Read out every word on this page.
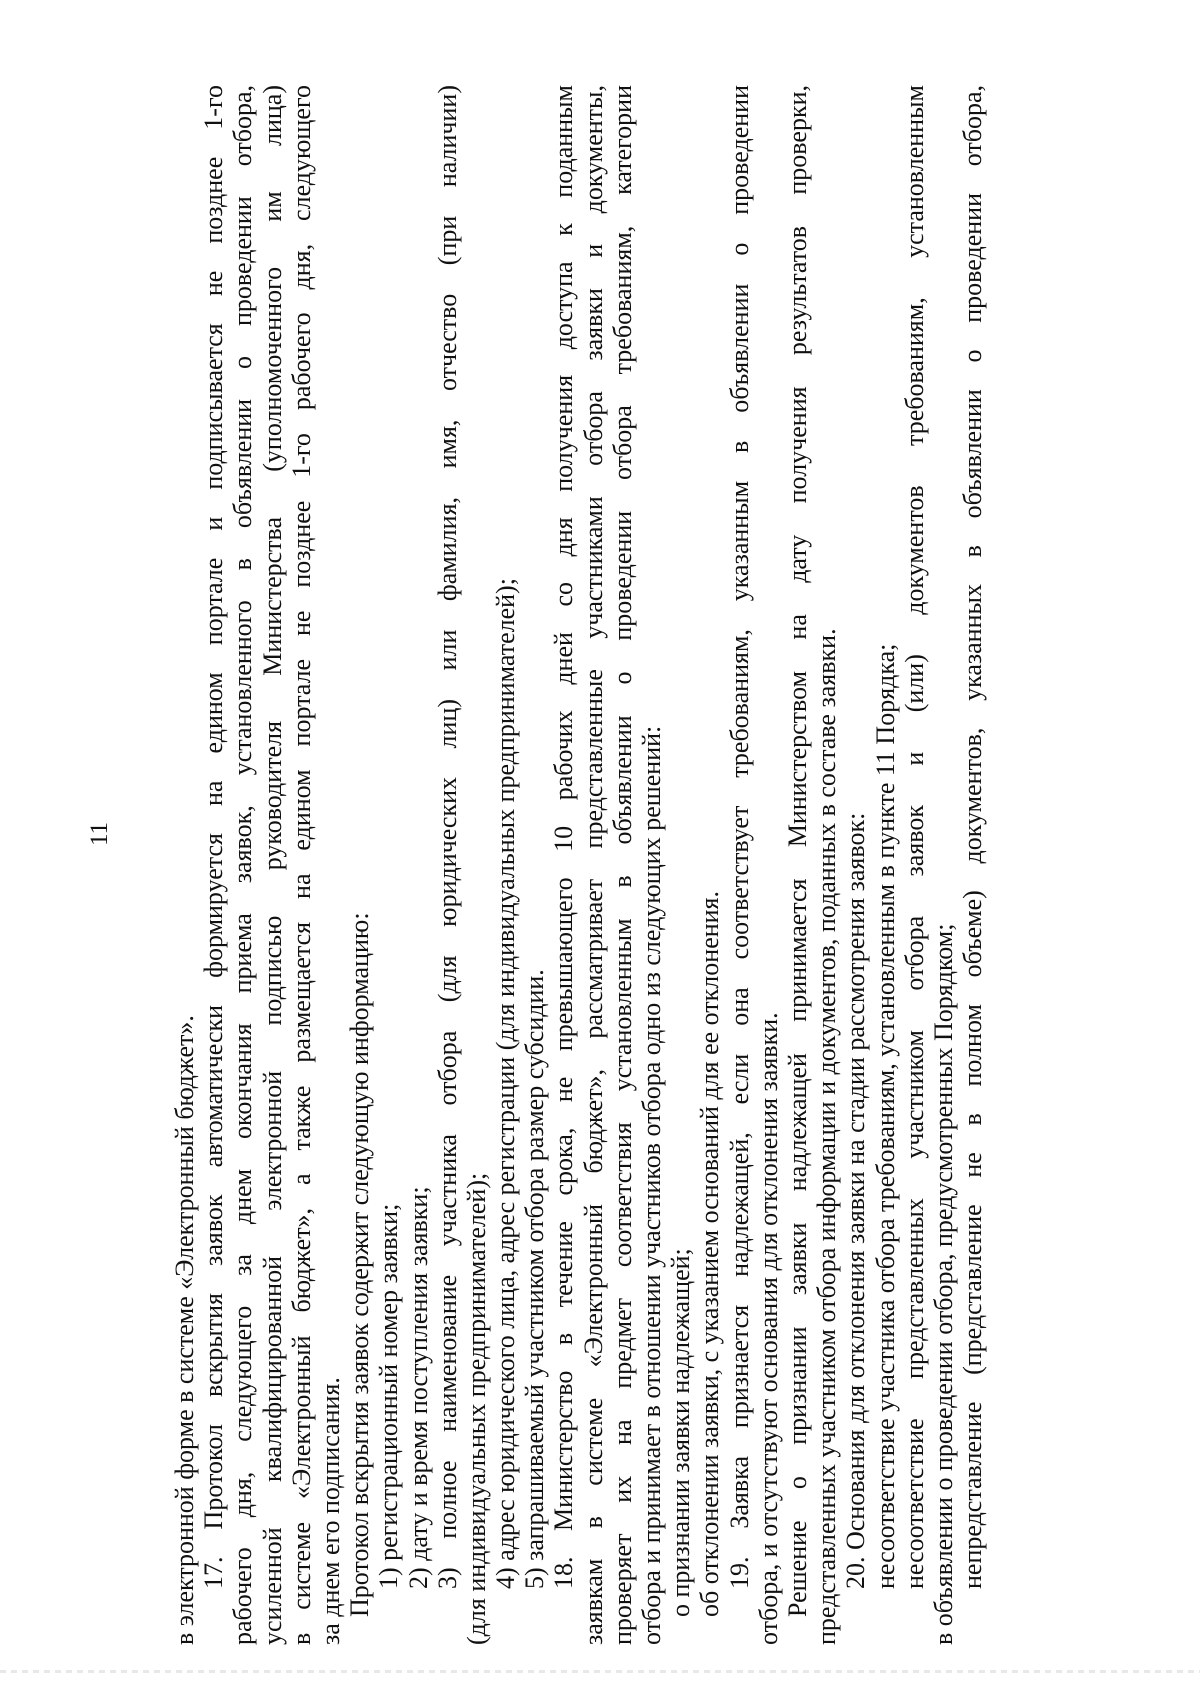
11
в электронной форме в системе «Электронный бюджет». 17. Протокол вскрытия заявок автоматически формируется на едином портале и подписывается не позднее 1-го рабочего дня, следующего за днем окончания приема заявок, установленного в объявлении о проведении отбора, усиленной квалифицированной электронной подписью руководителя Министерства (уполномоченного им лица) в системе «Электронный бюджет», а также размещается на едином портале не позднее 1-го рабочего дня, следующего за днем его подписания. Протокол вскрытия заявок содержит следующую информацию: 1) регистрационный номер заявки; 2) дату и время поступления заявки; 3) полное наименование участника отбора (для юридических лиц) или фамилия, имя, отчество (при наличии) (для индивидуальных предпринимателей); 4) адрес юридического лица, адрес регистрации (для индивидуальных предпринимателей); 5) запрашиваемый участником отбора размер субсидии. 18. Министерство в течение срока, не превышающего 10 рабочих дней со дня получения доступа к поданным заявкам в системе «Электронный бюджет», рассматривает представленные участниками отбора заявки и документы, проверяет их на предмет соответствия установленным в объявлении о проведении отбора требованиям, категории отбора и принимает в отношении участников отбора одно из следующих решений: о признании заявки надлежащей; об отклонении заявки, с указанием оснований для ее отклонения. 19. Заявка признается надлежащей, если она соответствует требованиям, указанным в объявлении о проведении отбора, и отсутствуют основания для отклонения заявки. Решение о признании заявки надлежащей принимается Министерством на дату получения результатов проверки, представленных участником отбора информации и документов, поданных в составе заявки. 20. Основания для отклонения заявки на стадии рассмотрения заявок: несоответствие участника отбора требованиям, установленным в пункте 11 Порядка; несоответствие представленных участником отбора заявок и (или) документов требованиям, установленным в объявлении о проведении отбора, предусмотренных Порядком; непредставление (представление не в полном объеме) документов, указанных в объявлении о проведении отбора,
